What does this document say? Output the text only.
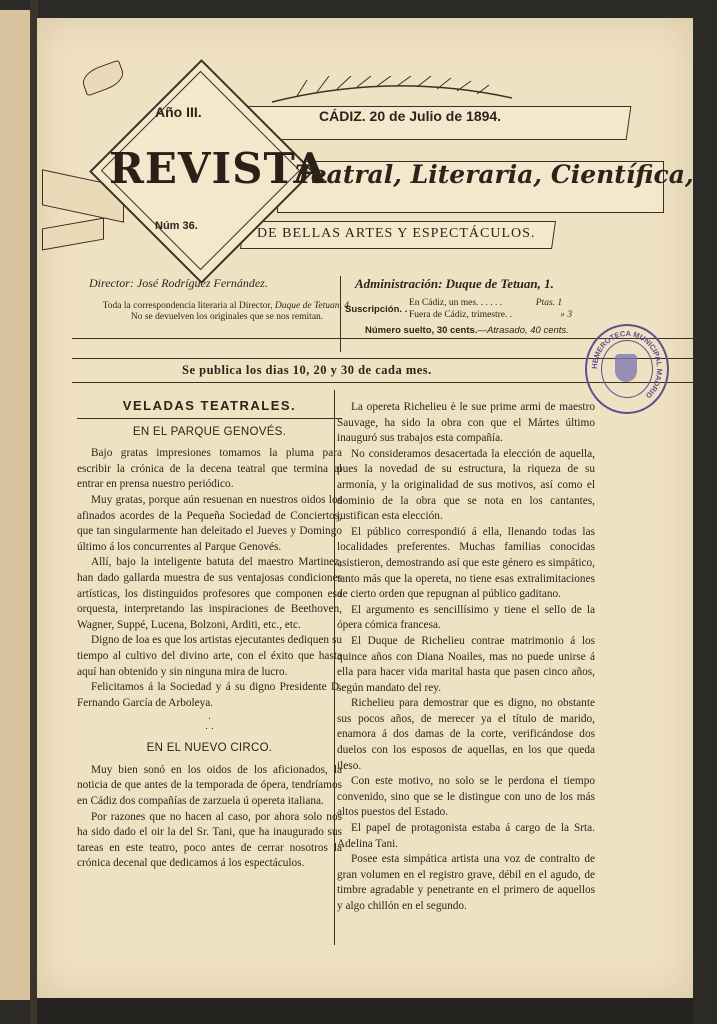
Año III.	CÁDIZ. 20 de Julio de 1894.
REVISTA
Teatral, Literaria, Científica,
Núm 36.	DE BELLAS ARTES Y ESPECTÁCULOS.
Director: José Rodríguez Fernández.	Administración: Duque de Tetuan, 1.
Toda la correspondencia literaria al Director, Duque de Tetuan, 4.
No se devuelven los originales que se nos remitan.
Suscripción. .
En Cádiz, un mes. . . . . .	Ptas. 1
Fuera de Cádiz, trimestre. .	» 3
Número suelto, 30 cents.—Atrasado, 40 cents.
Se publica los dias 10, 20 y 30 de cada mes.	HEMEROTECA MUNICIPAL MADRID
VELADAS TEATRALES.
EN EL PARQUE GENOVÉS.

Bajo gratas impresiones tomamos la pluma para escribir la crónica de la decena teatral que termina al entrar en prensa nuestro periódico.

Muy gratas, porque aún resuenan en nuestros oidos los afinados acordes de la Pequeña Sociedad de Conciertos, que tan singularmente han deleitado el Jueves y Domingo último á los concurrentes al Parque Genovés.

Allí, bajo la inteligente batuta del maestro Martinez, han dado gallarda muestra de sus ventajosas condiciones artísticas, los distinguidos profesores que componen esa orquesta, interpretando las inspiraciones de Beethoven, Wagner, Suppé, Lucena, Bolzoni, Arditi, etc., etc.

Digno de loa es que los artistas ejecutantes dediquen su tiempo al cultivo del divino arte, con el éxito que hasta aquí han obtenido y sin ninguna mira de lucro.

Felicitamos á la Sociedad y á su digno Presidente D. Fernando García de Arboleya.

·
· ·
EN EL NUEVO CIRCO.

Muy bien sonó en los oidos de los aficionados, la noticia de que antes de la temporada de ópera, tendríamos en Cádiz dos compañías de zarzuela ú opereta italiana.

Por razones que no hacen al caso, por ahora solo nos ha sido dado el oir la del Sr. Tani, que ha inaugurado sus tareas en este teatro, poco antes de cerrar nosotros la crónica decenal que dedicamos á los espectáculos.

La opereta Richelieu è le sue prime armi de maestro Sauvage, ha sido la obra con que el Mártes último inauguró sus trabajos esta compañía.

No consideramos desacertada la elección de aquella, pues la novedad de su estructura, la riqueza de su armonía, y la originalidad de sus motivos, así como el dominio de la obra que se nota en los cantantes, justifican esta elección.

El público correspondió á ella, llenando todas las localidades preferentes. Muchas familias conocidas asistieron, demostrando así que este género es simpático, tanto más que la opereta, no tiene esas extralimitaciones de cierto orden que repugnan al público gaditano.

El argumento es sencillísimo y tiene el sello de la ópera cómica francesa.

El Duque de Richelieu contrae matrimonio á los quince años con Diana Noailes, mas no puede unirse á ella para hacer vida marital hasta que pasen cinco años, según mandato del rey.

Richelieu para demostrar que es digno, no obstante sus pocos años, de merecer ya el título de marido, enamora á dos damas de la corte, verificándose dos duelos con los esposos de aquellas, en los que queda ileso.

Con este motivo, no solo se le perdona el tiempo convenido, sino que se le distingue con uno de los más altos puestos del Estado.

El papel de protagonista estaba á cargo de la Srta. Adelina Tani.

Posee esta simpática artista una voz de contralto de gran volumen en el registro grave, débil en el agudo, de timbre agradable y penetrante en el primero de aquellos y algo chillón en el segundo.
